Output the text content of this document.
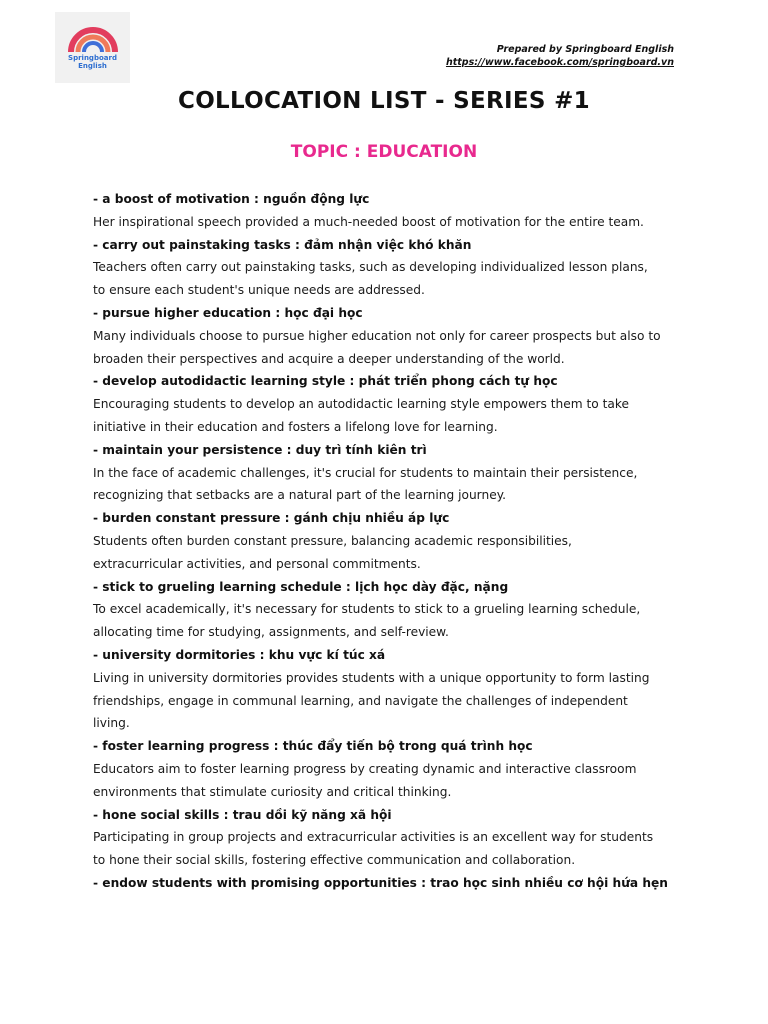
Springboard
English
Prepared by Springboard English
https://www.facebook.com/springboard.vn
COLLOCATION LIST - SERIES #1
TOPIC : EDUCATION
- a boost of motivation : nguồn động lực
Her inspirational speech provided a much-needed boost of motivation for the entire team.
- carry out painstaking tasks : đảm nhận việc khó khăn
Teachers often carry out painstaking tasks, such as developing individualized lesson plans,
to ensure each student's unique needs are addressed.
- pursue higher education : học đại học
Many individuals choose to pursue higher education not only for career prospects but also to
broaden their perspectives and acquire a deeper understanding of the world.
- develop autodidactic learning style : phát triển phong cách tự học
Encouraging students to develop an autodidactic learning style empowers them to take
initiative in their education and fosters a lifelong love for learning.
- maintain your persistence : duy trì tính kiên trì
In the face of academic challenges, it's crucial for students to maintain their persistence,
recognizing that setbacks are a natural part of the learning journey.
- burden constant pressure : gánh chịu nhiều áp lực
Students often burden constant pressure, balancing academic responsibilities,
extracurricular activities, and personal commitments.
- stick to grueling learning schedule : lịch học dày đặc, nặng
To excel academically, it's necessary for students to stick to a grueling learning schedule,
allocating time for studying, assignments, and self-review.
- university dormitories : khu vực kí túc xá
Living in university dormitories provides students with a unique opportunity to form lasting
friendships, engage in communal learning, and navigate the challenges of independent
living.
- foster learning progress : thúc đẩy tiến bộ trong quá trình học
Educators aim to foster learning progress by creating dynamic and interactive classroom
environments that stimulate curiosity and critical thinking.
- hone social skills : trau dồi kỹ năng xã hội
Participating in group projects and extracurricular activities is an excellent way for students
to hone their social skills, fostering effective communication and collaboration.
- endow students with promising opportunities : trao học sinh nhiều cơ hội hứa hẹn
